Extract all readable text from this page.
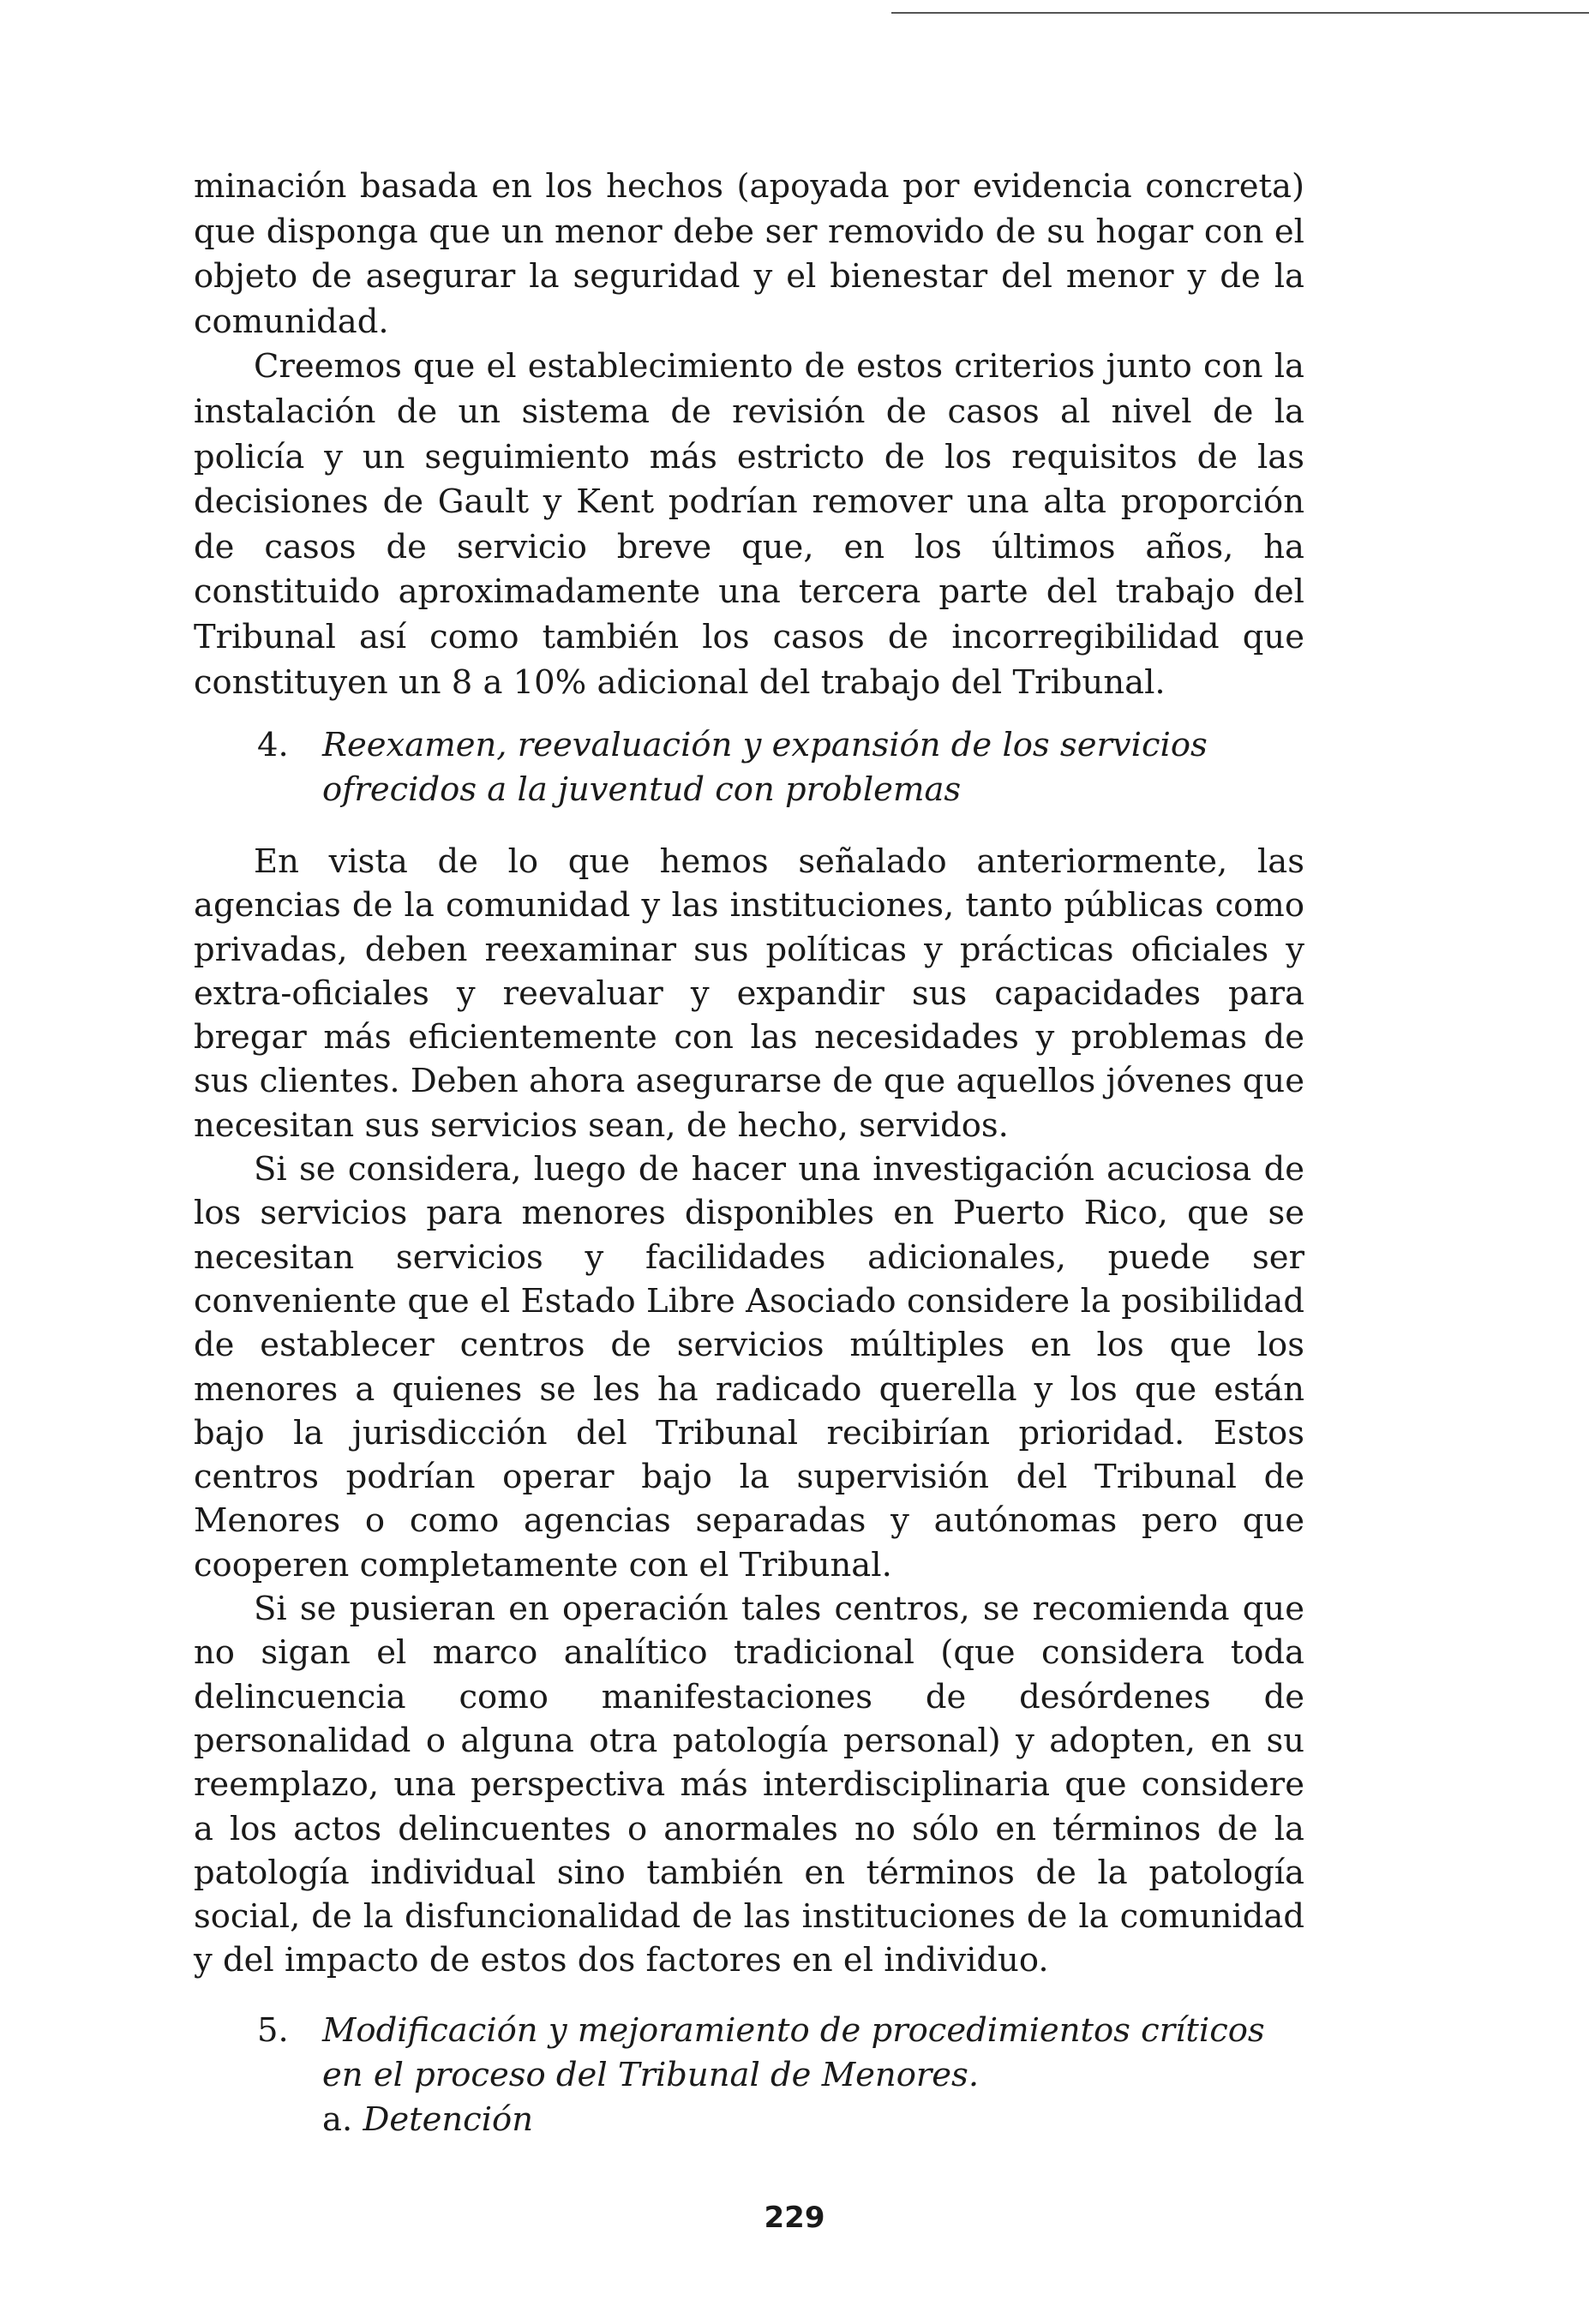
minación basada en los hechos (apoyada por evidencia concreta) que disponga que un menor debe ser removido de su hogar con el objeto de asegurar la seguridad y el bienestar del menor y de la comunidad.

Creemos que el establecimiento de estos criterios junto con la instalación de un sistema de revisión de casos al nivel de la policía y un seguimiento más estricto de los requisitos de las decisiones de Gault y Kent podrían remover una alta proporción de casos de servicio breve que, en los últimos años, ha constituido aproximadamente una tercera parte del trabajo del Tribunal así como también los casos de incorregibilidad que constituyen un 8 a 10% adicional del trabajo del Tribunal.

4. Reexamen, reevaluación y expansión de los servicios
ofrecidos a la juventud con problemas

En vista de lo que hemos señalado anteriormente, las agencias de la comunidad y las instituciones, tanto públicas como privadas, deben reexaminar sus políticas y prácticas oficiales y extra-oficiales y reevaluar y expandir sus capacidades para bregar más eficientemente con las necesidades y problemas de sus clientes. Deben ahora asegurarse de que aquellos jóvenes que necesitan sus servicios sean, de hecho, servidos.

Si se considera, luego de hacer una investigación acuciosa de los servicios para menores disponibles en Puerto Rico, que se necesitan servicios y facilidades adicionales, puede ser conveniente que el Estado Libre Asociado considere la posibilidad de establecer centros de servicios múltiples en los que los menores a quienes se les ha radicado querella y los que están bajo la jurisdicción del Tribunal recibirían prioridad. Estos centros podrían operar bajo la supervisión del Tribunal de Menores o como agencias separadas y autónomas pero que cooperen completamente con el Tribunal.

Si se pusieran en operación tales centros, se recomienda que no sigan el marco analítico tradicional (que considera toda delincuencia como manifestaciones de desórdenes de personalidad o alguna otra patología personal) y adopten, en su reemplazo, una perspectiva más interdisciplinaria que considere a los actos delincuentes o anormales no sólo en términos de la patología individual sino también en términos de la patología social, de la disfuncionalidad de las instituciones de la comunidad y del impacto de estos dos factores en el individuo.

5. Modificación y mejoramiento de procedimientos críticos
en el proceso del Tribunal de Menores.
a. Detención
229
